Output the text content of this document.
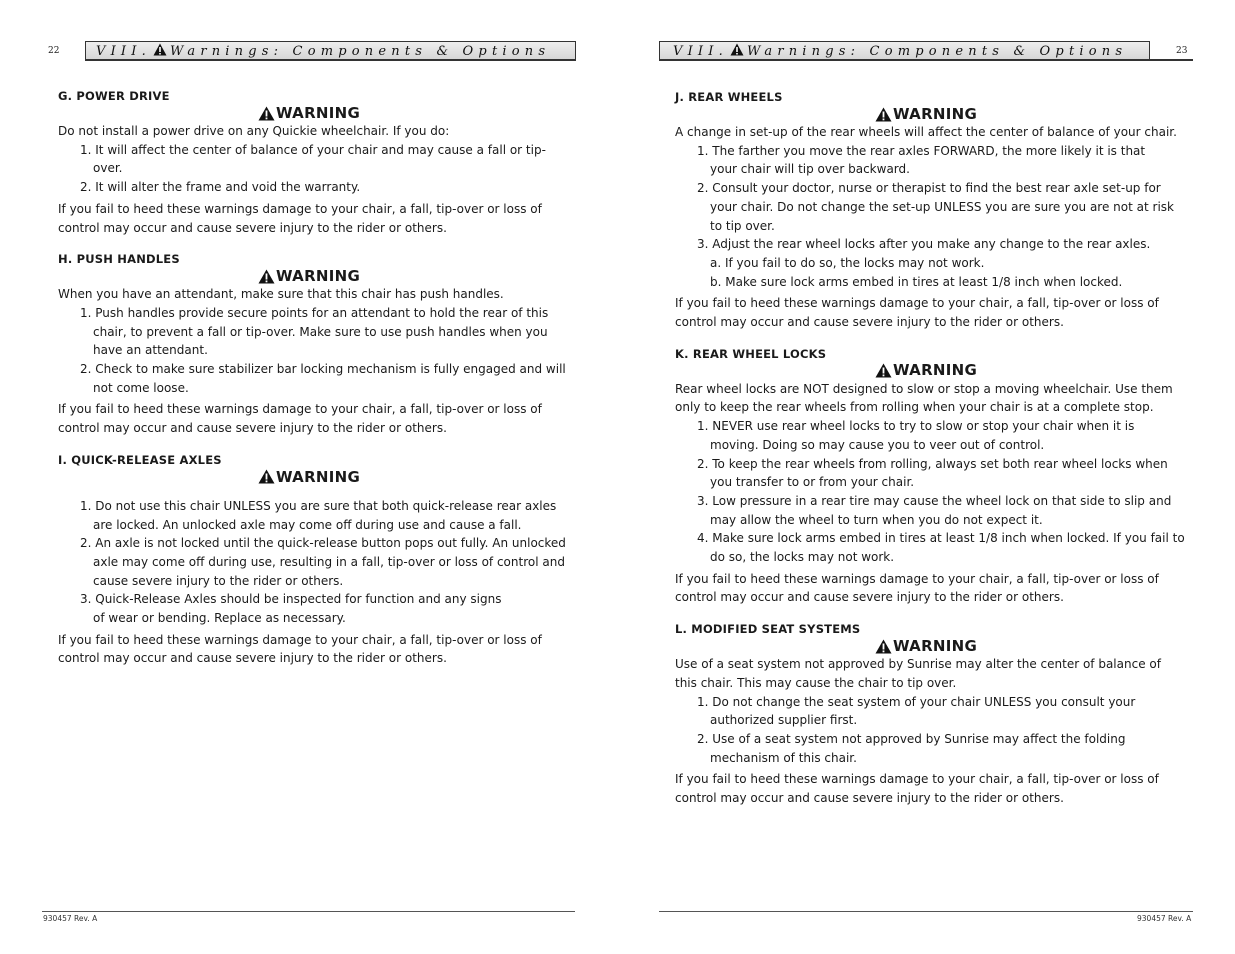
22	VIII. Warnings: Components & Options
G. POWER DRIVE
WARNING

Do not install a power drive on any Quickie wheelchair. If you do:

1. It will affect the center of balance of your chair and may cause a fall or tip-over.
2. It will alter the frame and void the warranty.

If you fail to heed these warnings damage to your chair, a fall, tip-over or loss of control may occur and cause severe injury to the rider or others.

H. PUSH HANDLES
WARNING

When you have an attendant, make sure that this chair has push handles.

1. Push handles provide secure points for an attendant to hold the rear of this chair, to prevent a fall or tip-over. Make sure to use push handles when you have an attendant.
2. Check to make sure stabilizer bar locking mechanism is fully engaged and will not come loose.

If you fail to heed these warnings damage to your chair, a fall, tip-over or loss of control may occur and cause severe injury to the rider or others.

I. QUICK-RELEASE AXLES
WARNING
1. Do not use this chair UNLESS you are sure that both quick-release rear axles are locked. An unlocked axle may come off during use and cause a fall.
2. An axle is not locked until the quick-release button pops out fully. An unlocked axle may come off during use, resulting in a fall, tip-over or loss of control and cause severe injury to the rider or others.
3. Quick-Release Axles should be inspected for function and any signs of wear or bending. Replace as necessary.

If you fail to heed these warnings damage to your chair, a fall, tip-over or loss of control may occur and cause severe injury to the rider or others.

930457 Rev. A
VIII. Warnings: Components & Options	23
J. REAR WHEELS
WARNING

A change in set-up of the rear wheels will affect the center of balance of your chair.

1. The farther you move the rear axles FORWARD, the more likely it is that your chair will tip over backward.
2. Consult your doctor, nurse or therapist to find the best rear axle set-up for your chair. Do not change the set-up UNLESS you are sure you are not at risk to tip over.
3. Adjust the rear wheel locks after you make any change to the rear axles.
a. If you fail to do so, the locks may not work.
b. Make sure lock arms embed in tires at least 1/8 inch when locked.

If you fail to heed these warnings damage to your chair, a fall, tip-over or loss of control may occur and cause severe injury to the rider or others.

K. REAR WHEEL LOCKS
WARNING

Rear wheel locks are NOT designed to slow or stop a moving wheelchair. Use them only to keep the rear wheels from rolling when your chair is at a complete stop.

1. NEVER use rear wheel locks to try to slow or stop your chair when it is moving. Doing so may cause you to veer out of control.
2. To keep the rear wheels from rolling, always set both rear wheel locks when you transfer to or from your chair.
3. Low pressure in a rear tire may cause the wheel lock on that side to slip and may allow the wheel to turn when you do not expect it.
4. Make sure lock arms embed in tires at least 1/8 inch when locked. If you fail to do so, the locks may not work.

If you fail to heed these warnings damage to your chair, a fall, tip-over or loss of control may occur and cause severe injury to the rider or others.

L. MODIFIED SEAT SYSTEMS
WARNING

Use of a seat system not approved by Sunrise may alter the center of balance of this chair. This may cause the chair to tip over.

1. Do not change the seat system of your chair UNLESS you consult your authorized supplier first.
2. Use of a seat system not approved by Sunrise may affect the folding mechanism of this chair.

If you fail to heed these warnings damage to your chair, a fall, tip-over or loss of control may occur and cause severe injury to the rider or others.

930457 Rev. A
